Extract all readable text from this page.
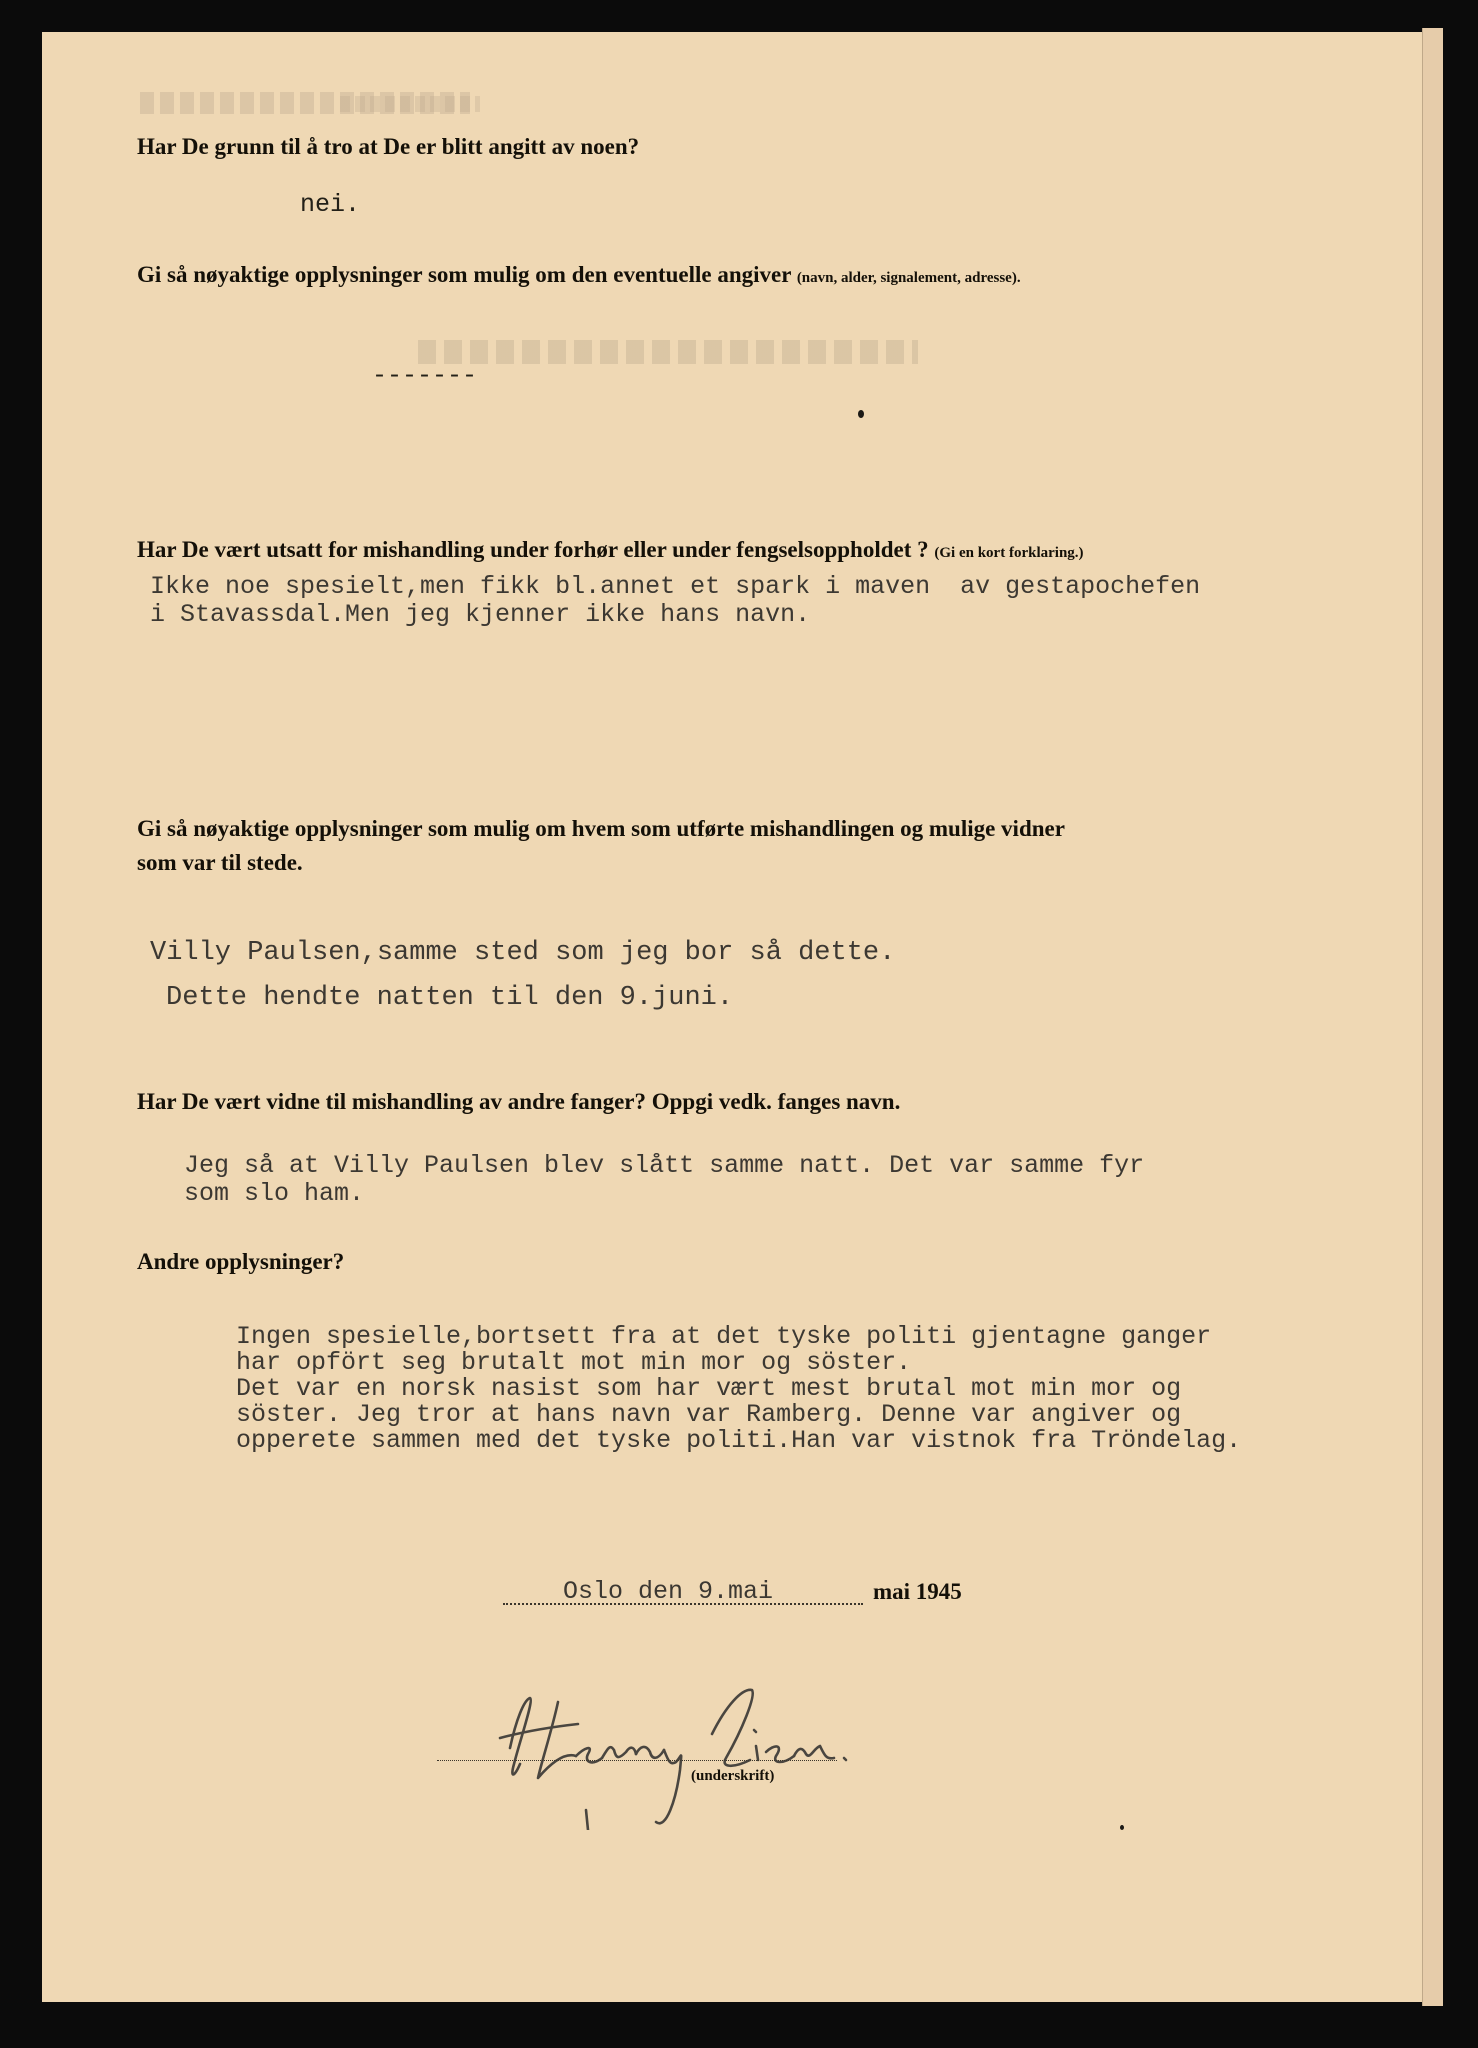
Har De grunn til å tro at De er blitt angitt av noen?

nei.

Gi så nøyaktige opplysninger som mulig om den eventuelle angiver (navn, alder, signalement, adresse).

-------

Har De vært utsatt for mishandling under forhør eller under fengselsoppholdet ? (Gi en kort forklaring.)

Ikke noe spesielt,men fikk bl.annet et spark i maven  av gestapochefen

i Stavassdal.Men jeg kjenner ikke hans navn.

Gi så nøyaktige opplysninger som mulig om hvem som utførte mishandlingen og mulige vidner

som var til stede.

Villy Paulsen,samme sted som jeg bor så dette.

Dette hendte natten til den 9.juni.

Har De vært vidne til mishandling av andre fanger? Oppgi vedk. fanges navn.

Jeg så at Villy Paulsen blev slått samme natt. Det var samme fyr

som slo ham.

Andre opplysninger?

Ingen spesielle,bortsett fra at det tyske politi gjentagne ganger

har opfört seg brutalt mot min mor og söster.

Det var en norsk nasist som har vært mest brutal mot min mor og

söster. Jeg tror at hans navn var Ramberg. Denne var angiver og

opperete sammen med det tyske politi.Han var vistnok fra Tröndelag.

Oslo den 9.mai	mai 1945
(underskrift)
